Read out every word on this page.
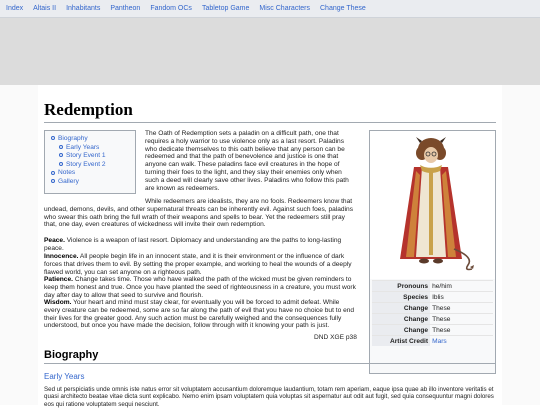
Index Altais II Inhabitants Pantheon Fandom OCs Tabletop Game Misc Characters Change These
Redemption
Biography
Early Years
Story Event 1
Story Event 2
Notes
Gallery
The Oath of Redemption sets a paladin on a difficult path, one that requires a holy warrior to use violence only as a last resort. Paladins who dedicate themselves to this oath believe that any person can be redeemed and that the path of benevolence and justice is one that anyone can walk. These paladins face evil creatures in the hope of turning their foes to the light, and they slay their enemies only when such a deed will clearly save other lives. Paladins who follow this path are known as redeemers.
While redeemers are idealists, they are no fools. Redeemers know that undead, demons, devils, and other supernatural threats can be inherently evil. Against such foes, paladins who swear this oath bring the full wrath of their weapons and spells to bear. Yet the redeemers still pray that, one day, even creatures of wickedness will invite their own redemption.
Peace. Violence is a weapon of last resort. Diplomacy and understanding are the paths to long-lasting peace.
Innocence. All people begin life in an innocent state, and it is their environment or the influence of dark forces that drives them to evil. By setting the proper example, and working to heal the wounds of a deeply flawed world, you can set anyone on a righteous path.
Patience. Change takes time. Those who have walked the path of the wicked must be given reminders to keep them honest and true. Once you have planted the seed of righteousness in a creature, you must work day after day to allow that seed to survive and flourish.
Wisdom. Your heart and mind must stay clear, for eventually you will be forced to admit defeat. While every creature can be redeemed, some are so far along the path of evil that you have no choice but to end their lives for the greater good. Any such action must be carefully weighed and the consequences fully understood, but once you have made the decision, follow through with it knowing your path is just.
DND XGE p38
Pronouns	he/him
Species	Iblis
Change	These
Change	These
Change	These
Artist Credit	Mars
Biography
Early Years
Sed ut perspiciatis unde omnis iste natus error sit voluptatem accusantium doloremque laudantium, totam rem aperiam, eaque ipsa quae ab illo inventore veritatis et quasi architecto beatae vitae dicta sunt explicabo. Nemo enim ipsam voluptatem quia voluptas sit aspernatur aut odit aut fugit, sed quia consequuntur magni dolores eos qui ratione voluptatem sequi nesciunt.
